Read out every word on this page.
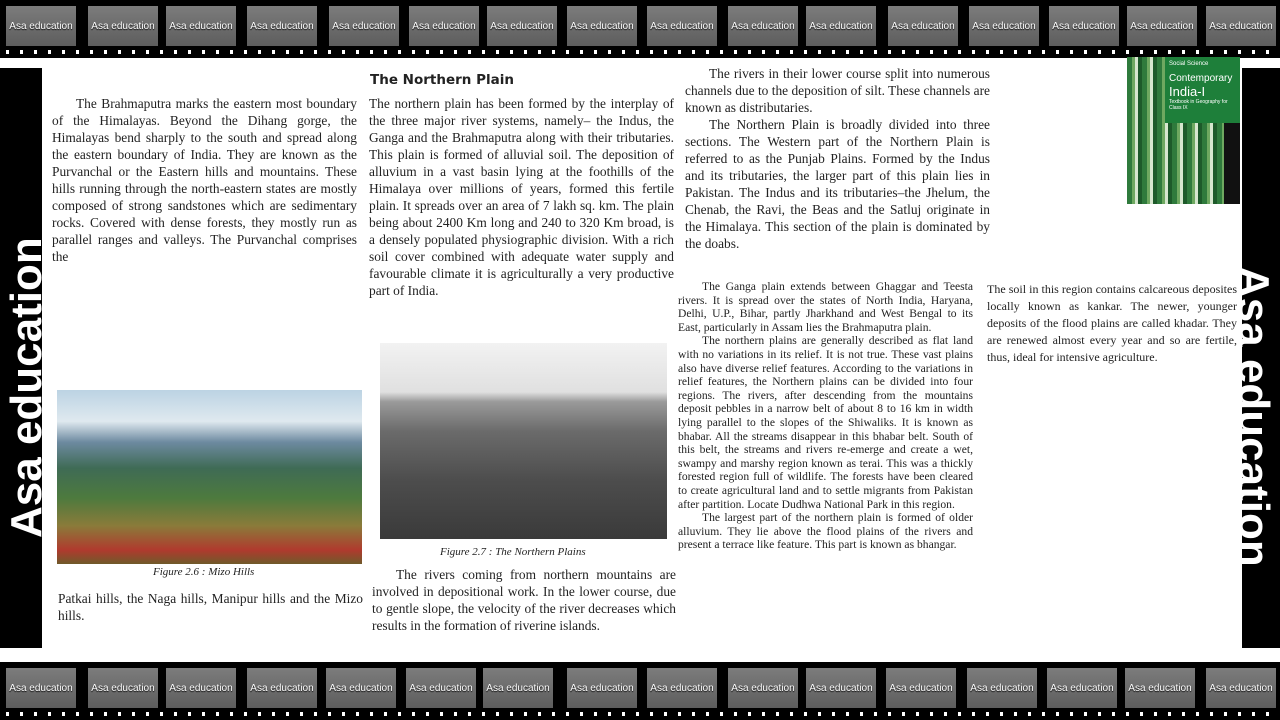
Asa education	Asa education	Asa education	Asa education	Asa education	Asa education	Asa education	Asa education	Asa education	Asa education	Asa education	Asa education	Asa education	Asa education	Asa education	Asa education
Asa education	Asa education
Social Science
Contemporary
India-I
Textbook in Geography for Class IX

The Brahmaputra marks the eastern most boundary of the Himalayas. Beyond the Dihang gorge, the Himalayas bend sharply to the south and spread along the eastern boundary of India. They are known as the Purvanchal or the Eastern hills and mountains. These hills running through the north-eastern states are mostly composed of strong sandstones which are sedimentary rocks. Covered with dense forests, they mostly run as parallel ranges and valleys. The Purvanchal comprises the

Figure 2.6 : Mizo Hills

Patkai hills, the Naga hills, Manipur hills and the Mizo hills.

The Northern Plain

The northern plain has been formed by the interplay of the three major river systems, namely– the Indus, the Ganga and the Brahmaputra along with their tributaries. This plain is formed of alluvial soil. The deposition of alluvium in a vast basin lying at the foothills of the Himalaya over millions of years, formed this fertile plain. It spreads over an area of 7 lakh sq. km. The plain being about 2400 Km long and 240 to 320 Km broad, is a densely populated physiographic division. With a rich soil cover combined with adequate water supply and favourable climate it is agriculturally a very productive part of India.

Figure 2.7 : The Northern Plains

The rivers coming from northern mountains are involved in depositional work. In the lower course, due to gentle slope, the velocity of the river decreases which results in the formation of riverine islands.

The rivers in their lower course split into numerous channels due to the deposition of silt. These channels are known as distributaries.

The Northern Plain is broadly divided into three sections. The Western part of the Northern Plain is referred to as the Punjab Plains. Formed by the Indus and its tributaries, the larger part of this plain lies in Pakistan. The Indus and its tributaries–the Jhelum, the Chenab, the Ravi, the Beas and the Satluj originate in the Himalaya. This section of the plain is dominated by the doabs.

The Ganga plain extends between Ghaggar and Teesta rivers. It is spread over the states of North India, Haryana, Delhi, U.P., Bihar, partly Jharkhand and West Bengal to its East, particularly in Assam lies the Brahmaputra plain.

The northern plains are generally described as flat land with no variations in its relief. It is not true. These vast plains also have diverse relief features. According to the variations in relief features, the Northern plains can be divided into four regions. The rivers, after descending from the mountains deposit pebbles in a narrow belt of about 8 to 16 km in width lying parallel to the slopes of the Shiwaliks. It is known as bhabar. All the streams disappear in this bhabar belt. South of this belt, the streams and rivers re-emerge and create a wet, swampy and marshy region known as terai. This was a thickly forested region full of wildlife. The forests have been cleared to create agricultural land and to settle migrants from Pakistan after partition. Locate Dudhwa National Park in this region.

The largest part of the northern plain is formed of older alluvium. They lie above the flood plains of the rivers and present a terrace like feature. This part is known as bhangar.

The soil in this region contains calcareous deposites locally known as kankar. The newer, younger deposits of the flood plains are called khadar. They are renewed almost every year and so are fertile, thus, ideal for intensive agriculture.

Asa education	Asa education	Asa education	Asa education	Asa education	Asa education	Asa education	Asa education	Asa education	Asa education	Asa education	Asa education	Asa education	Asa education	Asa education	Asa education
